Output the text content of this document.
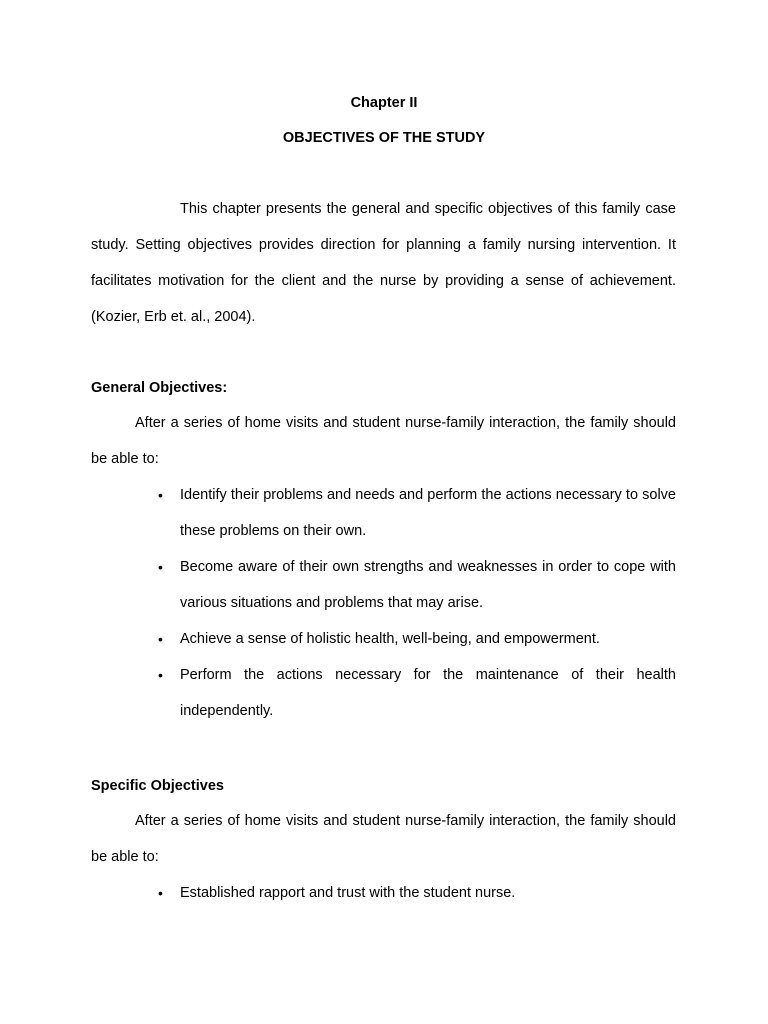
Chapter II
OBJECTIVES OF THE STUDY

This chapter presents the general and specific objectives of this family case study. Setting objectives provides direction for planning a family nursing intervention. It facilitates motivation for the client and the nurse by providing a sense of achievement. (Kozier, Erb et. al., 2004).

General Objectives:

After a series of home visits and student nurse-family interaction, the family should be able to:

• Identify their problems and needs and perform the actions necessary to solve these problems on their own.
• Become aware of their own strengths and weaknesses in order to cope with various situations and problems that may arise.
• Achieve a sense of holistic health, well-being, and empowerment.
• Perform the actions necessary for the maintenance of their health independently.
Specific Objectives

After a series of home visits and student nurse-family interaction, the family should be able to:

• Established rapport and trust with the student nurse.
